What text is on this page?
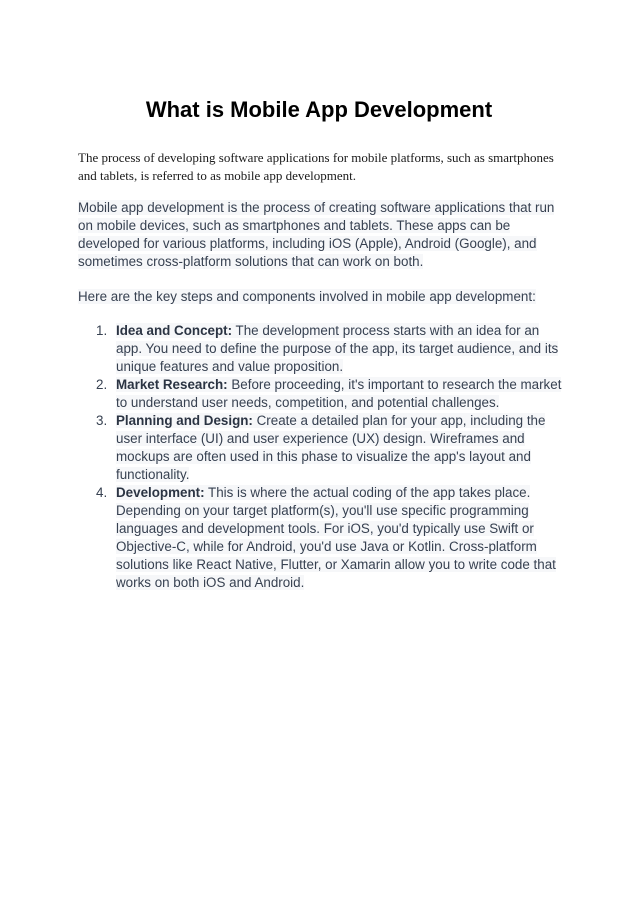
What is Mobile App Development

The process of developing software applications for mobile platforms, such as smartphones and tablets, is referred to as mobile app development.

Mobile app development is the process of creating software applications that run on mobile devices, such as smartphones and tablets. These apps can be developed for various platforms, including iOS (Apple), Android (Google), and sometimes cross-platform solutions that can work on both.

Here are the key steps and components involved in mobile app development:

1. Idea and Concept: The development process starts with an idea for an app. You need to define the purpose of the app, its target audience, and its unique features and value proposition.
2. Market Research: Before proceeding, it's important to research the market to understand user needs, competition, and potential challenges.
3. Planning and Design: Create a detailed plan for your app, including the user interface (UI) and user experience (UX) design. Wireframes and mockups are often used in this phase to visualize the app's layout and functionality.
4. Development: This is where the actual coding of the app takes place. Depending on your target platform(s), you'll use specific programming languages and development tools. For iOS, you'd typically use Swift or Objective-C, while for Android, you'd use Java or Kotlin. Cross-platform solutions like React Native, Flutter, or Xamarin allow you to write code that works on both iOS and Android.
